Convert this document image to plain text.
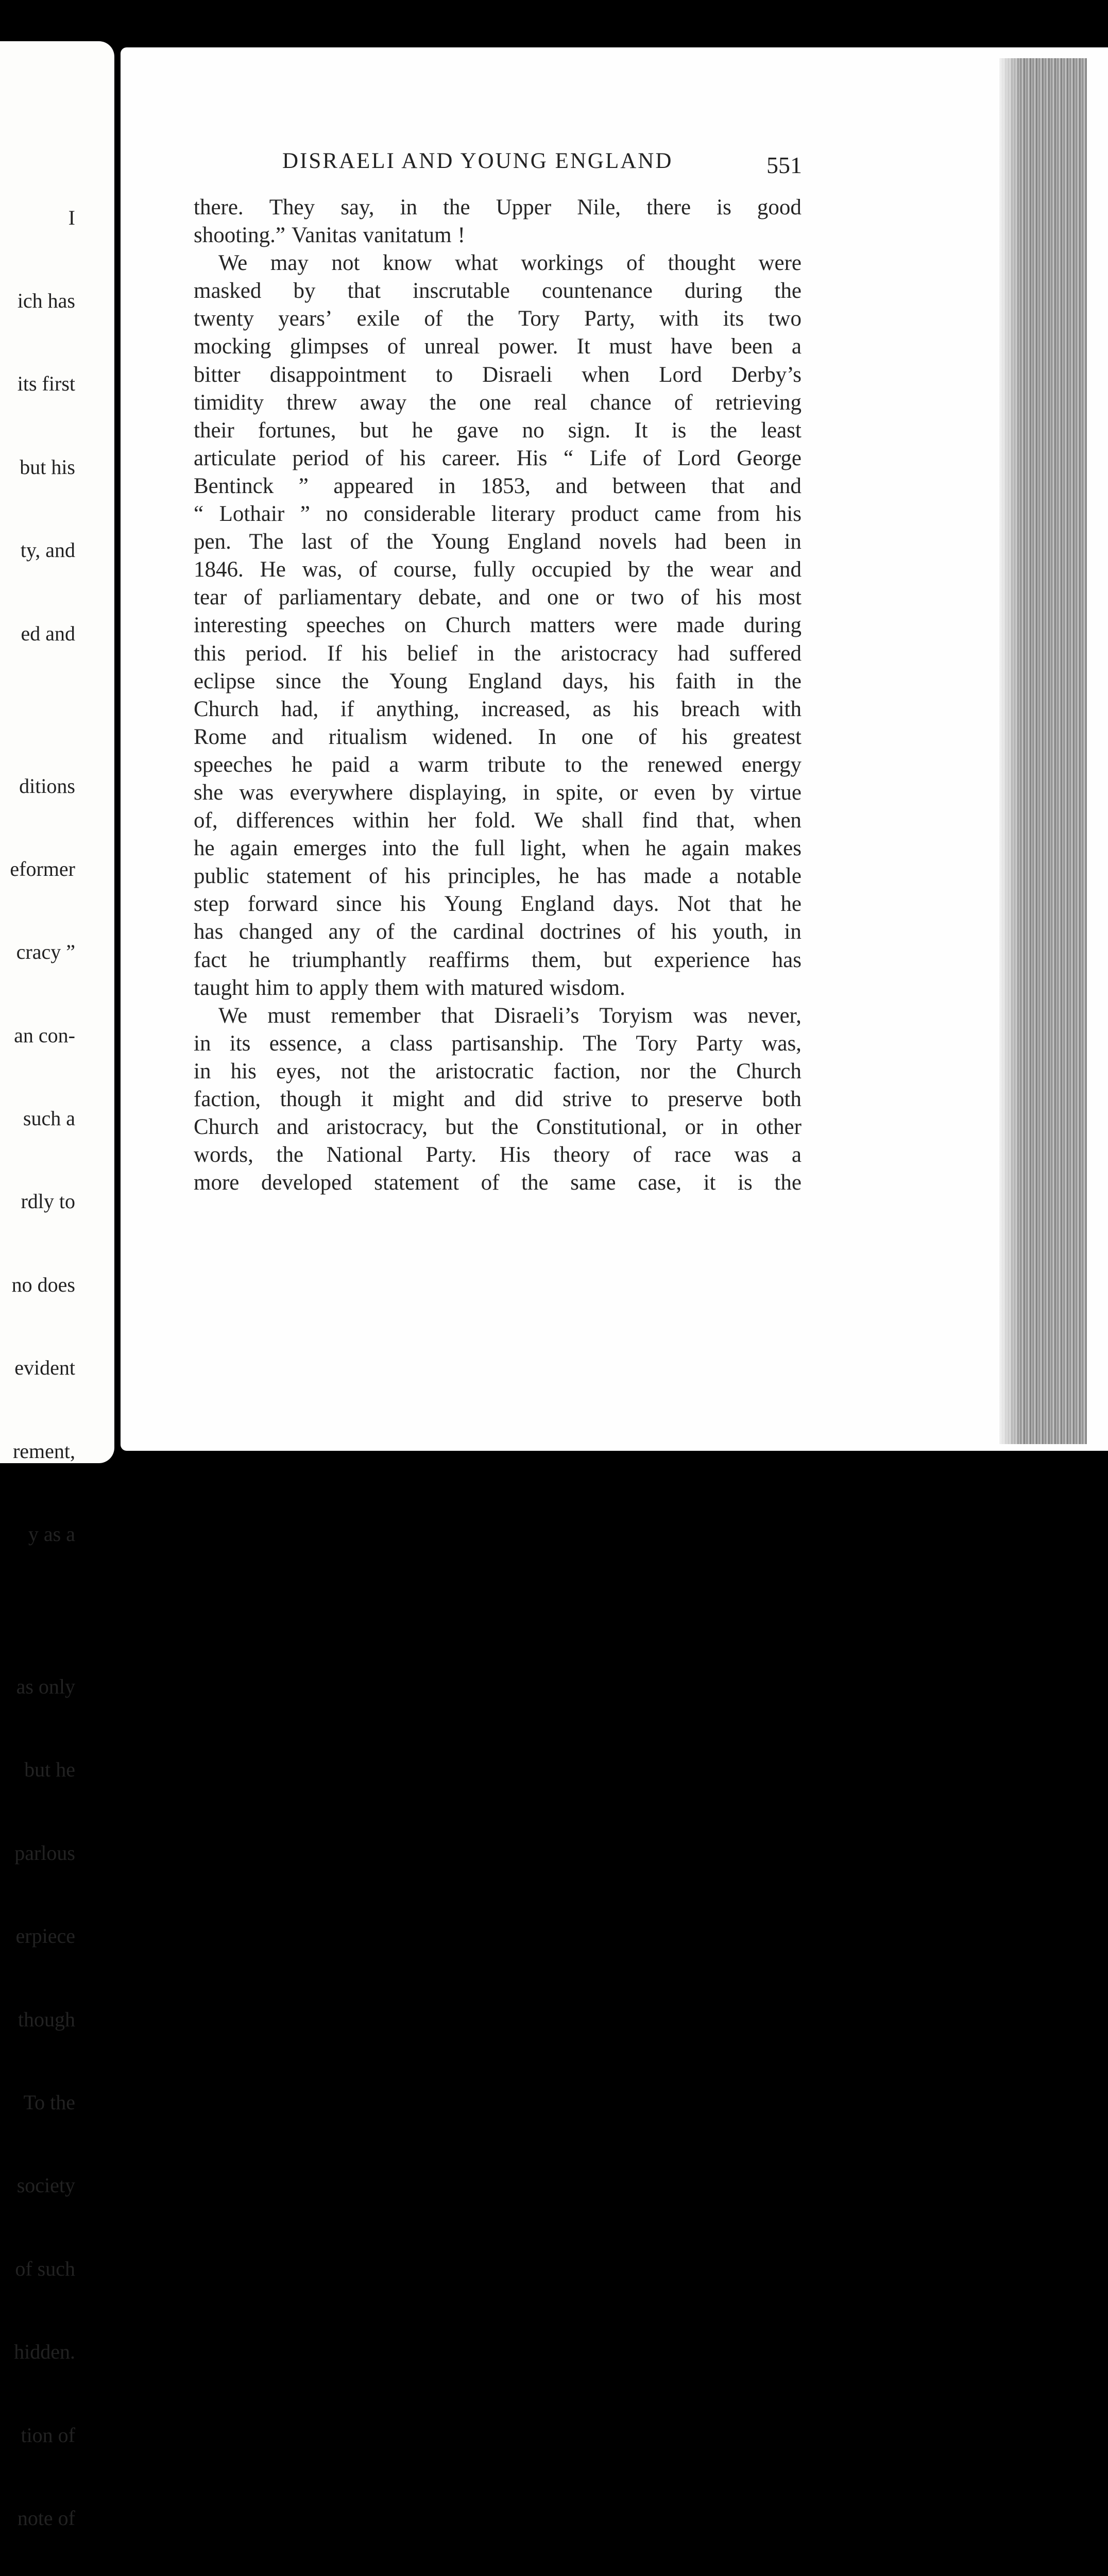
I

ich has

its first

but his

ty, and

ed and

ditions

eformer

cracy ”

an con-

such a

rdly to

no does

evident

rement,

y as a

as only

but he

parlous

erpiece

though

To the

society

of such

hidden.

tion of

note of

DISRAELI AND YOUNG ENGLAND	551
there. They say, in the Upper Nile, there is good
shooting.” Vanitas vanitatum !
We may not know what workings of thought were
masked by that inscrutable countenance during the
twenty years’ exile of the Tory Party, with its two
mocking glimpses of unreal power. It must have been a
bitter disappointment to Disraeli when Lord Derby’s
timidity threw away the one real chance of retrieving
their fortunes, but he gave no sign. It is the least
articulate period of his career. His “ Life of Lord George
Bentinck ” appeared in 1853, and between that and
“ Lothair ” no considerable literary product came from his
pen. The last of the Young England novels had been in
1846. He was, of course, fully occupied by the wear and
tear of parliamentary debate, and one or two of his most
interesting speeches on Church matters were made during
this period. If his belief in the aristocracy had suffered
eclipse since the Young England days, his faith in the
Church had, if anything, increased, as his breach with
Rome and ritualism widened. In one of his greatest
speeches he paid a warm tribute to the renewed energy
she was everywhere displaying, in spite, or even by virtue
of, differences within her fold. We shall find that, when
he again emerges into the full light, when he again makes
public statement of his principles, he has made a notable
step forward since his Young England days. Not that he
has changed any of the cardinal doctrines of his youth, in
fact he triumphantly reaffirms them, but experience has
taught him to apply them with matured wisdom.
We must remember that Disraeli’s Toryism was never,
in its essence, a class partisanship. The Tory Party was,
in his eyes, not the aristocratic faction, nor the Church
faction, though it might and did strive to preserve both
Church and aristocracy, but the Constitutional, or in other
words, the National Party. His theory of race was a
more developed statement of the same case, it is the
